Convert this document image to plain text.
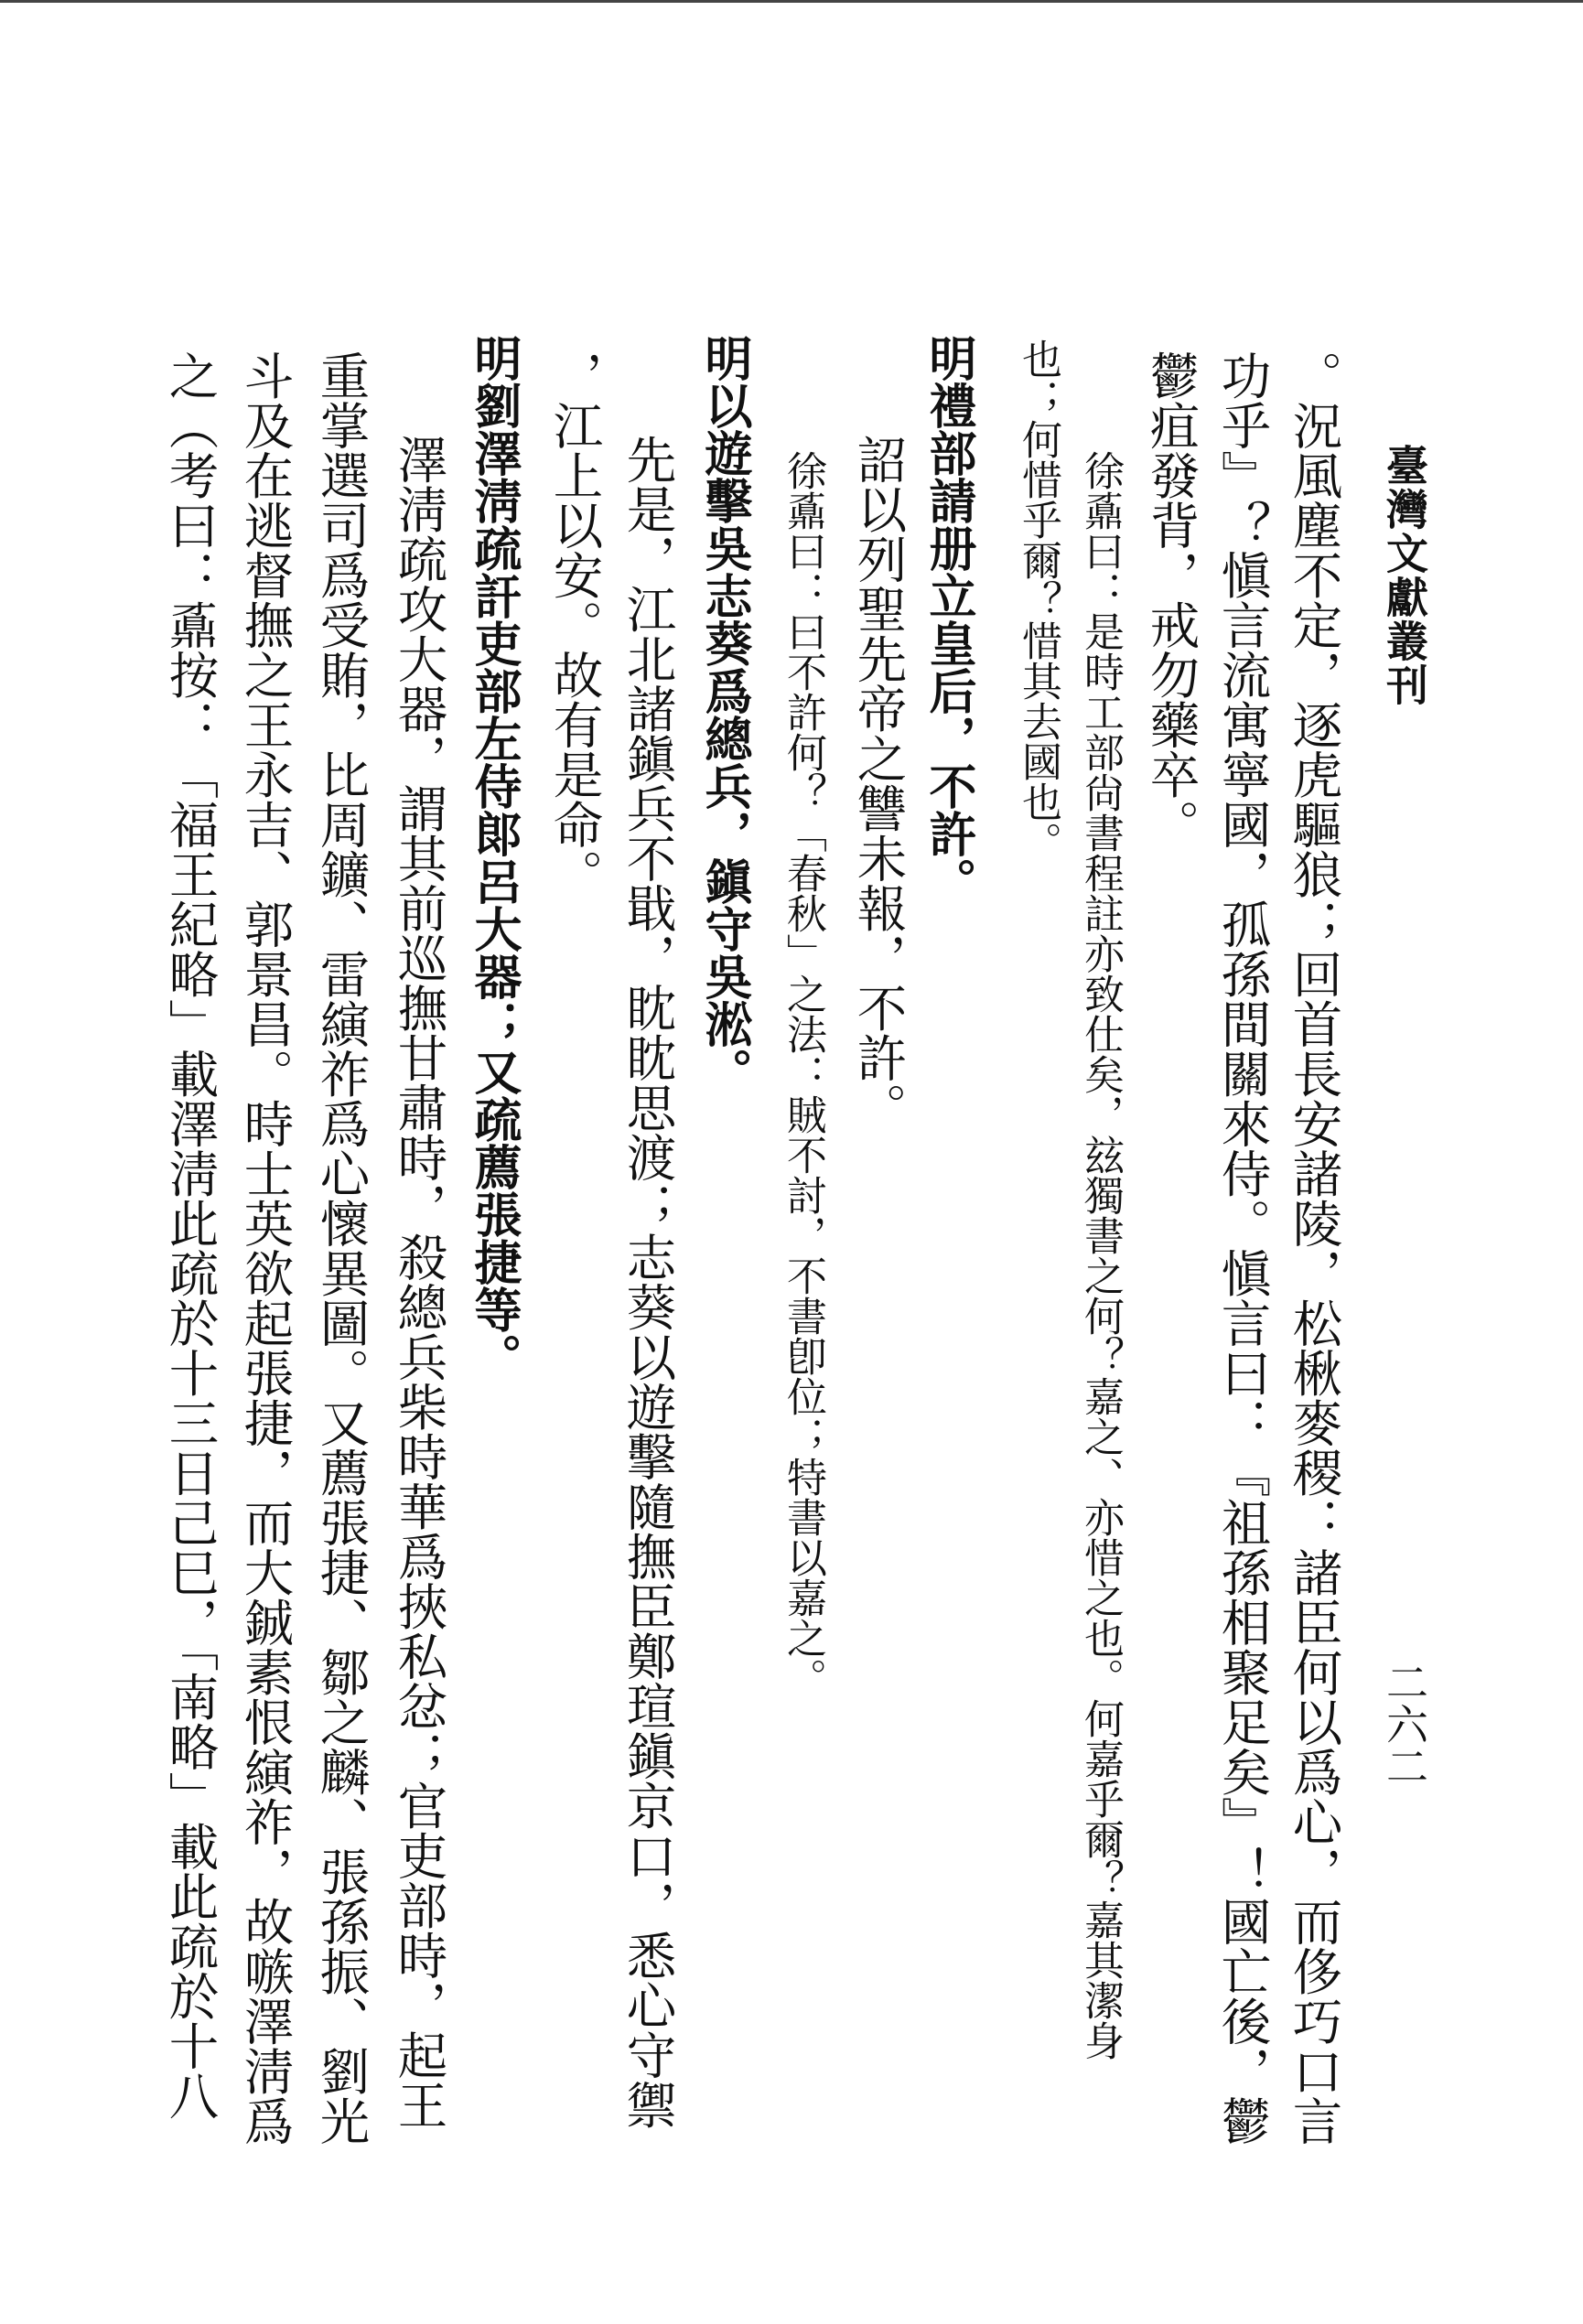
臺灣文獻叢刊
二六二
。況風塵不定，逐虎驅狼；回首長安諸陵，松楸麥稷：諸臣何以爲心，而侈巧口言
功乎』？愼言流寓寧國，孤孫間關來侍。愼言曰：『祖孫相聚足矣』！國亡後，鬱
鬱疽發背，戒勿藥卒。
　徐鼒曰：是時工部尙書程註亦致仕矣，玆獨書之何？嘉之、亦惜之也。何嘉乎爾？嘉其潔身
也；何惜乎爾？惜其去國也。
明禮部請册立皇后，不許。
　詔以列聖先帝之讐未報，不許。
　徐鼒曰：曰不許何？「春秋」之法：賊不討，不書卽位；特書以嘉之。
明以遊擊吳志葵爲總兵，鎭守吳淞。
　先是，江北諸鎭兵不戢，眈眈思渡；志葵以遊擊隨撫臣鄭瑄鎭京口，悉心守禦
，江上以安。故有是命。
明劉澤淸疏訐吏部左侍郞呂大器；又疏薦張捷等。
　澤淸疏攻大器，謂其前巡撫甘肅時，殺總兵柴時華爲挾私忿；官吏部時，起王
重掌選司爲受賄，比周鑛、雷縯祚爲心懷異圖。又薦張捷、鄒之麟、張孫振、劉光
斗及在逃督撫之王永吉、郭景昌。時士英欲起張捷，而大鋮素恨縯祚，故嗾澤淸爲
之（考曰：鼒按：「福王紀略」載澤淸此疏於十三日己巳，「南略」載此疏於十八
